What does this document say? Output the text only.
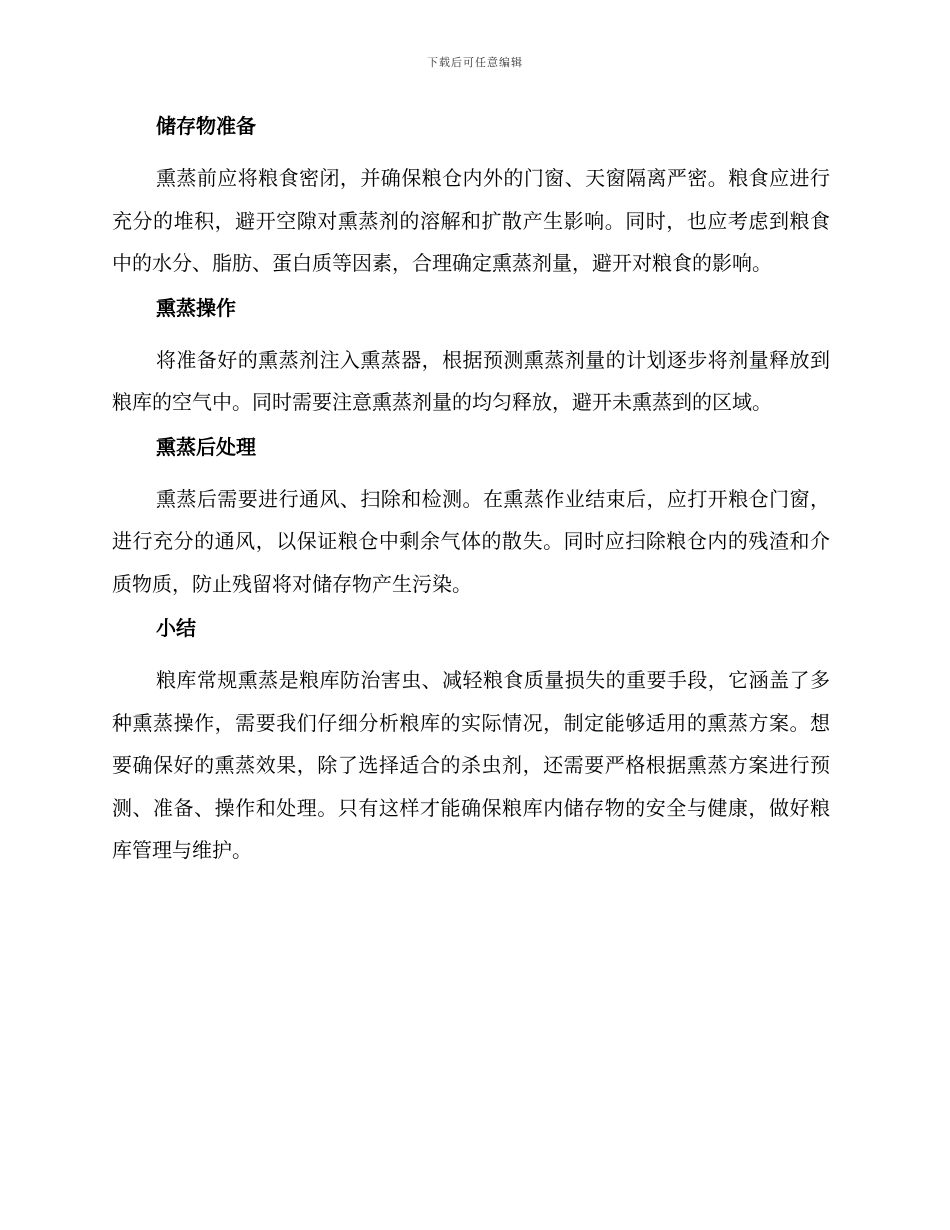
下载后可任意编辑
储存物准备

熏蒸前应将粮食密闭，并确保粮仓内外的门窗、天窗隔离严密。粮食应进行充分的堆积，避开空隙对熏蒸剂的溶解和扩散产生影响。同时，也应考虑到粮食中的水分、脂肪、蛋白质等因素，合理确定熏蒸剂量，避开对粮食的影响。

熏蒸操作

将准备好的熏蒸剂注入熏蒸器，根据预测熏蒸剂量的计划逐步将剂量释放到粮库的空气中。同时需要注意熏蒸剂量的均匀释放，避开未熏蒸到的区域。

熏蒸后处理

熏蒸后需要进行通风、扫除和检测。在熏蒸作业结束后，应打开粮仓门窗，进行充分的通风，以保证粮仓中剩余气体的散失。同时应扫除粮仓内的残渣和介质物质，防止残留将对储存物产生污染。

小结

粮库常规熏蒸是粮库防治害虫、减轻粮食质量损失的重要手段，它涵盖了多种熏蒸操作，需要我们仔细分析粮库的实际情况，制定能够适用的熏蒸方案。想要确保好的熏蒸效果，除了选择适合的杀虫剂，还需要严格根据熏蒸方案进行预测、准备、操作和处理。只有这样才能确保粮库内储存物的安全与健康，做好粮库管理与维护。
